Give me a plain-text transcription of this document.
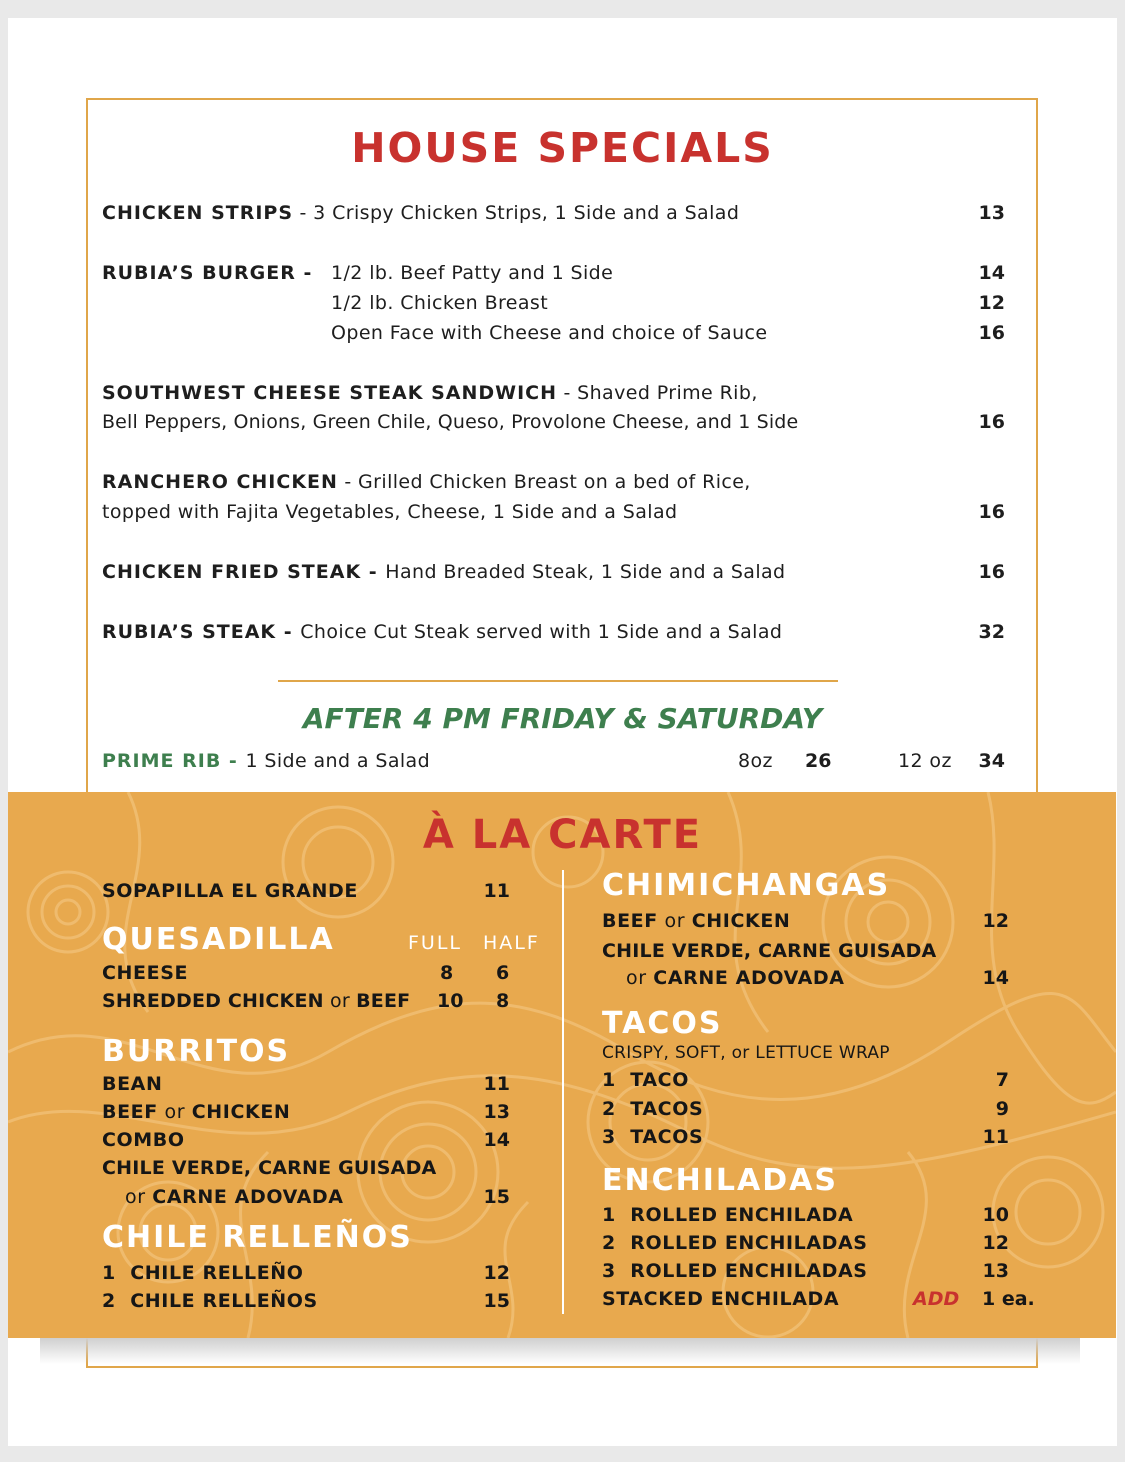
HOUSE SPECIALS
CHICKEN STRIPS - 3 Crispy Chicken Strips, 1 Side and a Salad	13
RUBIA’S BURGER - 1/2 lb. Beef Patty and 1 Side	14
1/2 lb. Chicken Breast	12
Open Face with Cheese and choice of Sauce	16
SOUTHWEST CHEESE STEAK SANDWICH - Shaved Prime Rib,
Bell Peppers, Onions, Green Chile, Queso, Provolone Cheese, and 1 Side	16
RANCHERO CHICKEN - Grilled Chicken Breast on a bed of Rice,
topped with Fajita Vegetables, Cheese, 1 Side and a Salad	16
CHICKEN FRIED STEAK - Hand Breaded Steak, 1 Side and a Salad	16
RUBIA’S STEAK - Choice Cut Steak served with 1 Side and a Salad	32
AFTER 4 PM FRIDAY & SATURDAY
PRIME RIB - 1 Side and a Salad	8oz 26	12 oz 34
À LA CARTE
SOPAPILLA EL GRANDE	11
QUESADILLA	FULL HALF
CHEESE	8 6
SHREDDED CHICKEN or BEEF 10 8
BURRITOS
BEAN	11
BEEF or CHICKEN	13
COMBO	14
CHILE VERDE, CARNE GUISADA
or CARNE ADOVADA	15
CHILE RELLEÑOS
1 CHILE RELLEÑO	12
2 CHILE RELLEÑOS	15
CHIMICHANGAS
BEEF or CHICKEN	12
CHILE VERDE, CARNE GUISADA
or CARNE ADOVADA	14
TACOS
CRISPY, SOFT, or LETTUCE WRAP
1 TACO	7
2 TACOS	9
3 TACOS	11
ENCHILADAS
1 ROLLED ENCHILADA	10
2 ROLLED ENCHILADAS	12
3 ROLLED ENCHILADAS	13
STACKED ENCHILADA	ADD 1 ea.
